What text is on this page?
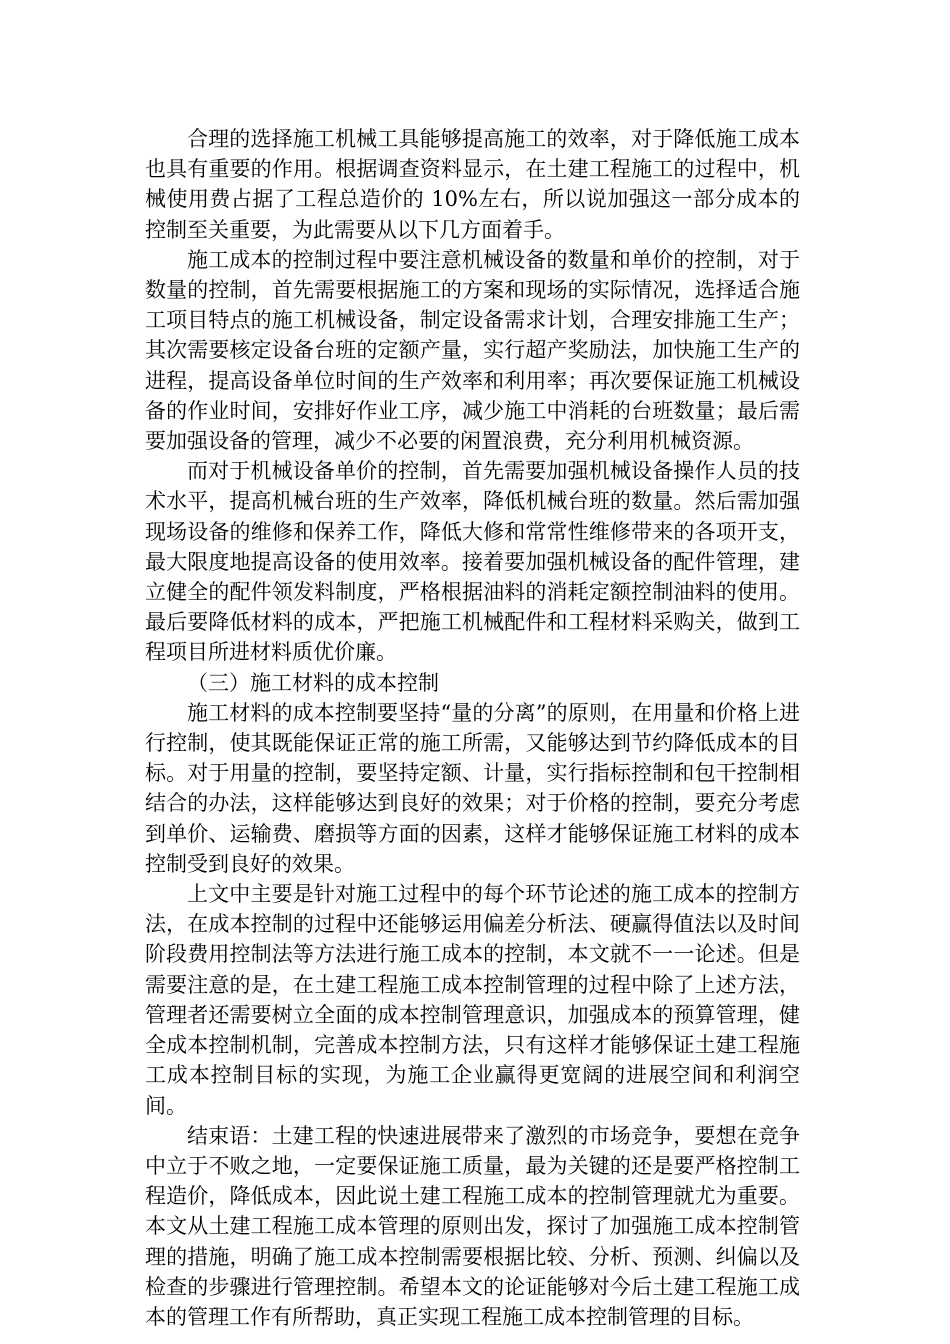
合理的选择施工机械工具能够提高施工的效率，对于降低施工成本也具有重要的作用。根据调查资料显示，在土建工程施工的过程中，机械使用费占据了工程总造价的 10%左右，所以说加强这一部分成本的控制至关重要，为此需要从以下几方面着手。

施工成本的控制过程中要注意机械设备的数量和单价的控制，对于数量的控制，首先需要根据施工的方案和现场的实际情况，选择适合施工项目特点的施工机械设备，制定设备需求计划，合理安排施工生产；其次需要核定设备台班的定额产量，实行超产奖励法，加快施工生产的进程，提高设备单位时间的生产效率和利用率；再次要保证施工机械设备的作业时间，安排好作业工序，减少施工中消耗的台班数量；最后需要加强设备的管理，减少不必要的闲置浪费，充分利用机械资源。

而对于机械设备单价的控制，首先需要加强机械设备操作人员的技术水平，提高机械台班的生产效率，降低机械台班的数量。然后需加强现场设备的维修和保养工作，降低大修和常常性维修带来的各项开支，最大限度地提高设备的使用效率。接着要加强机械设备的配件管理，建立健全的配件领发料制度，严格根据油料的消耗定额控制油料的使用。最后要降低材料的成本，严把施工机械配件和工程材料采购关，做到工程项目所进材料质优价廉。

（三）施工材料的成本控制

施工材料的成本控制要坚持“量的分离”的原则，在用量和价格上进行控制，使其既能保证正常的施工所需，又能够达到节约降低成本的目标。对于用量的控制，要坚持定额、计量，实行指标控制和包干控制相结合的办法，这样能够达到良好的效果；对于价格的控制，要充分考虑到单价、运输费、磨损等方面的因素，这样才能够保证施工材料的成本控制受到良好的效果。

上文中主要是针对施工过程中的每个环节论述的施工成本的控制方法，在成本控制的过程中还能够运用偏差分析法、硬赢得值法以及时间阶段费用控制法等方法进行施工成本的控制，本文就不一一论述。但是需要注意的是，在土建工程施工成本控制管理的过程中除了上述方法，管理者还需要树立全面的成本控制管理意识，加强成本的预算管理，健全成本控制机制，完善成本控制方法，只有这样才能够保证土建工程施工成本控制目标的实现，为施工企业赢得更宽阔的进展空间和利润空间。

结束语：土建工程的快速进展带来了激烈的市场竞争，要想在竞争中立于不败之地，一定要保证施工质量，最为关键的还是要严格控制工程造价，降低成本，因此说土建工程施工成本的控制管理就尤为重要。本文从土建工程施工成本管理的原则出发，探讨了加强施工成本控制管理的措施，明确了施工成本控制需要根据比较、分析、预测、纠偏以及检查的步骤进行管理控制。希望本文的论证能够对今后土建工程施工成本的管理工作有所帮助，真正实现工程施工成本控制管理的目标。
